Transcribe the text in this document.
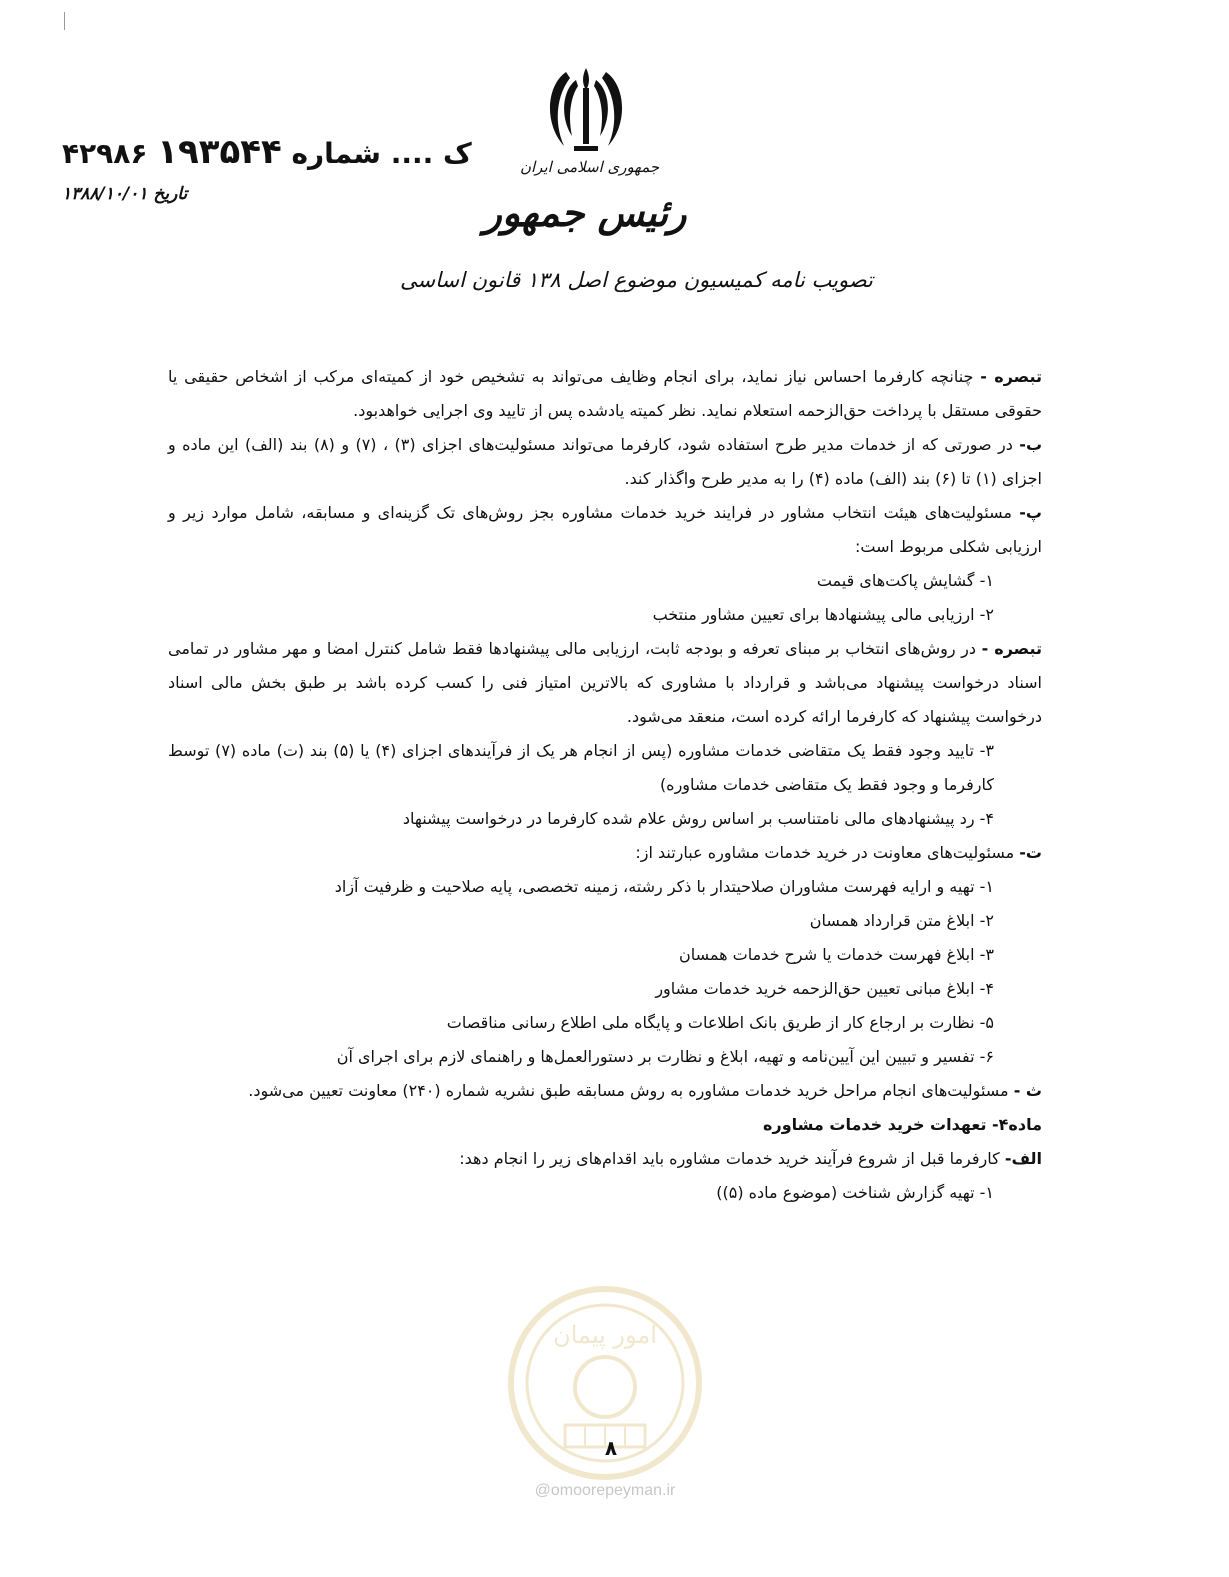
جمهوری اسلامی ایران
رئیس جمهور
تصویب نامه کمیسیون موضوع اصل ۱۳۸ قانون اساسی
۴۲۹۸۶ ک .... شماره ۱۹۳۵۴۴
۱۳۸۸/۱۰/۰۱ تاریخ

تبصره - چنانچه کارفرما احساس نیاز نماید، برای انجام وظایف می‌تواند به تشخیص خود از کمیته‌ای مرکب از اشخاص حقیقی یا حقوقی مستقل با پرداخت حق‌الزحمه استعلام نماید. نظر کمیته یادشده پس از تایید وی اجرایی خواهدبود.

ب- در صورتی که از خدمات مدیر طرح استفاده شود، کارفرما می‌تواند مسئولیت‌های اجزای (۳) ، (۷) و (۸) بند (الف) این ماده و اجزای (۱) تا (۶) بند (الف) ماده (۴) را به مدیر طرح واگذار کند.

پ- مسئولیت‌های هیئت انتخاب مشاور در فرایند خرید خدمات مشاوره بجز روش‌های تک گزینه‌ای و مسابقه، شامل موارد زیر و ارزیابی شکلی مربوط است:

۱- گشایش پاکت‌های قیمت

۲- ارزیابی مالی پیشنهادها برای تعیین مشاور منتخب

تبصره - در روش‌های انتخاب بر مبنای تعرفه و بودجه ثابت، ارزیابی مالی پیشنهادها فقط شامل کنترل امضا و مهر مشاور در تمامی اسناد درخواست پیشنهاد می‌باشد و قرارداد با مشاوری که بالاترین امتیاز فنی را کسب کرده باشد بر طبق بخش مالی اسناد درخواست پیشنهاد که کارفرما ارائه کرده است، منعقد می‌شود.

۳- تایید وجود فقط یک متقاضی خدمات مشاوره (پس از انجام هر یک از فرآیندهای اجزای (۴) یا (۵) بند (ت) ماده (۷) توسط کارفرما و وجود فقط یک متقاضی خدمات مشاوره)

۴- رد پیشنهادهای مالی نامتناسب بر اساس روش علام شده کارفرما در درخواست پیشنهاد

ت- مسئولیت‌های معاونت در خرید خدمات مشاوره عبارتند از:

۱- تهیه و ارایه فهرست مشاوران صلاحیتدار با ذکر رشته، زمینه تخصصی، پایه صلاحیت و ظرفیت آزاد

۲- ابلاغ متن قرارداد همسان

۳- ابلاغ فهرست خدمات یا شرح خدمات همسان

۴- ابلاغ مبانی تعیین حق‌الزحمه خرید خدمات مشاور

۵- نظارت بر ارجاع کار از طریق بانک اطلاعات و پایگاه ملی اطلاع رسانی مناقصات

۶- تفسیر و تبیین این آیین‌نامه و تهیه، ابلاغ و نظارت بر دستورالعمل‌ها و راهنمای لازم برای اجرای آن

ث - مسئولیت‌های انجام مراحل خرید خدمات مشاوره به روش مسابقه طبق نشریه شماره (۲۴۰) معاونت تعیین می‌شود.

ماده۴- تعهدات خرید خدمات مشاوره

الف- کارفرما قبل از شروع فرآیند خرید خدمات مشاوره باید اقدام‌های زیر را انجام دهد:

۱- تهیه گزارش شناخت (موضوع ماده (۵))

امور پیمان
۸
@omoorepeyman.ir
